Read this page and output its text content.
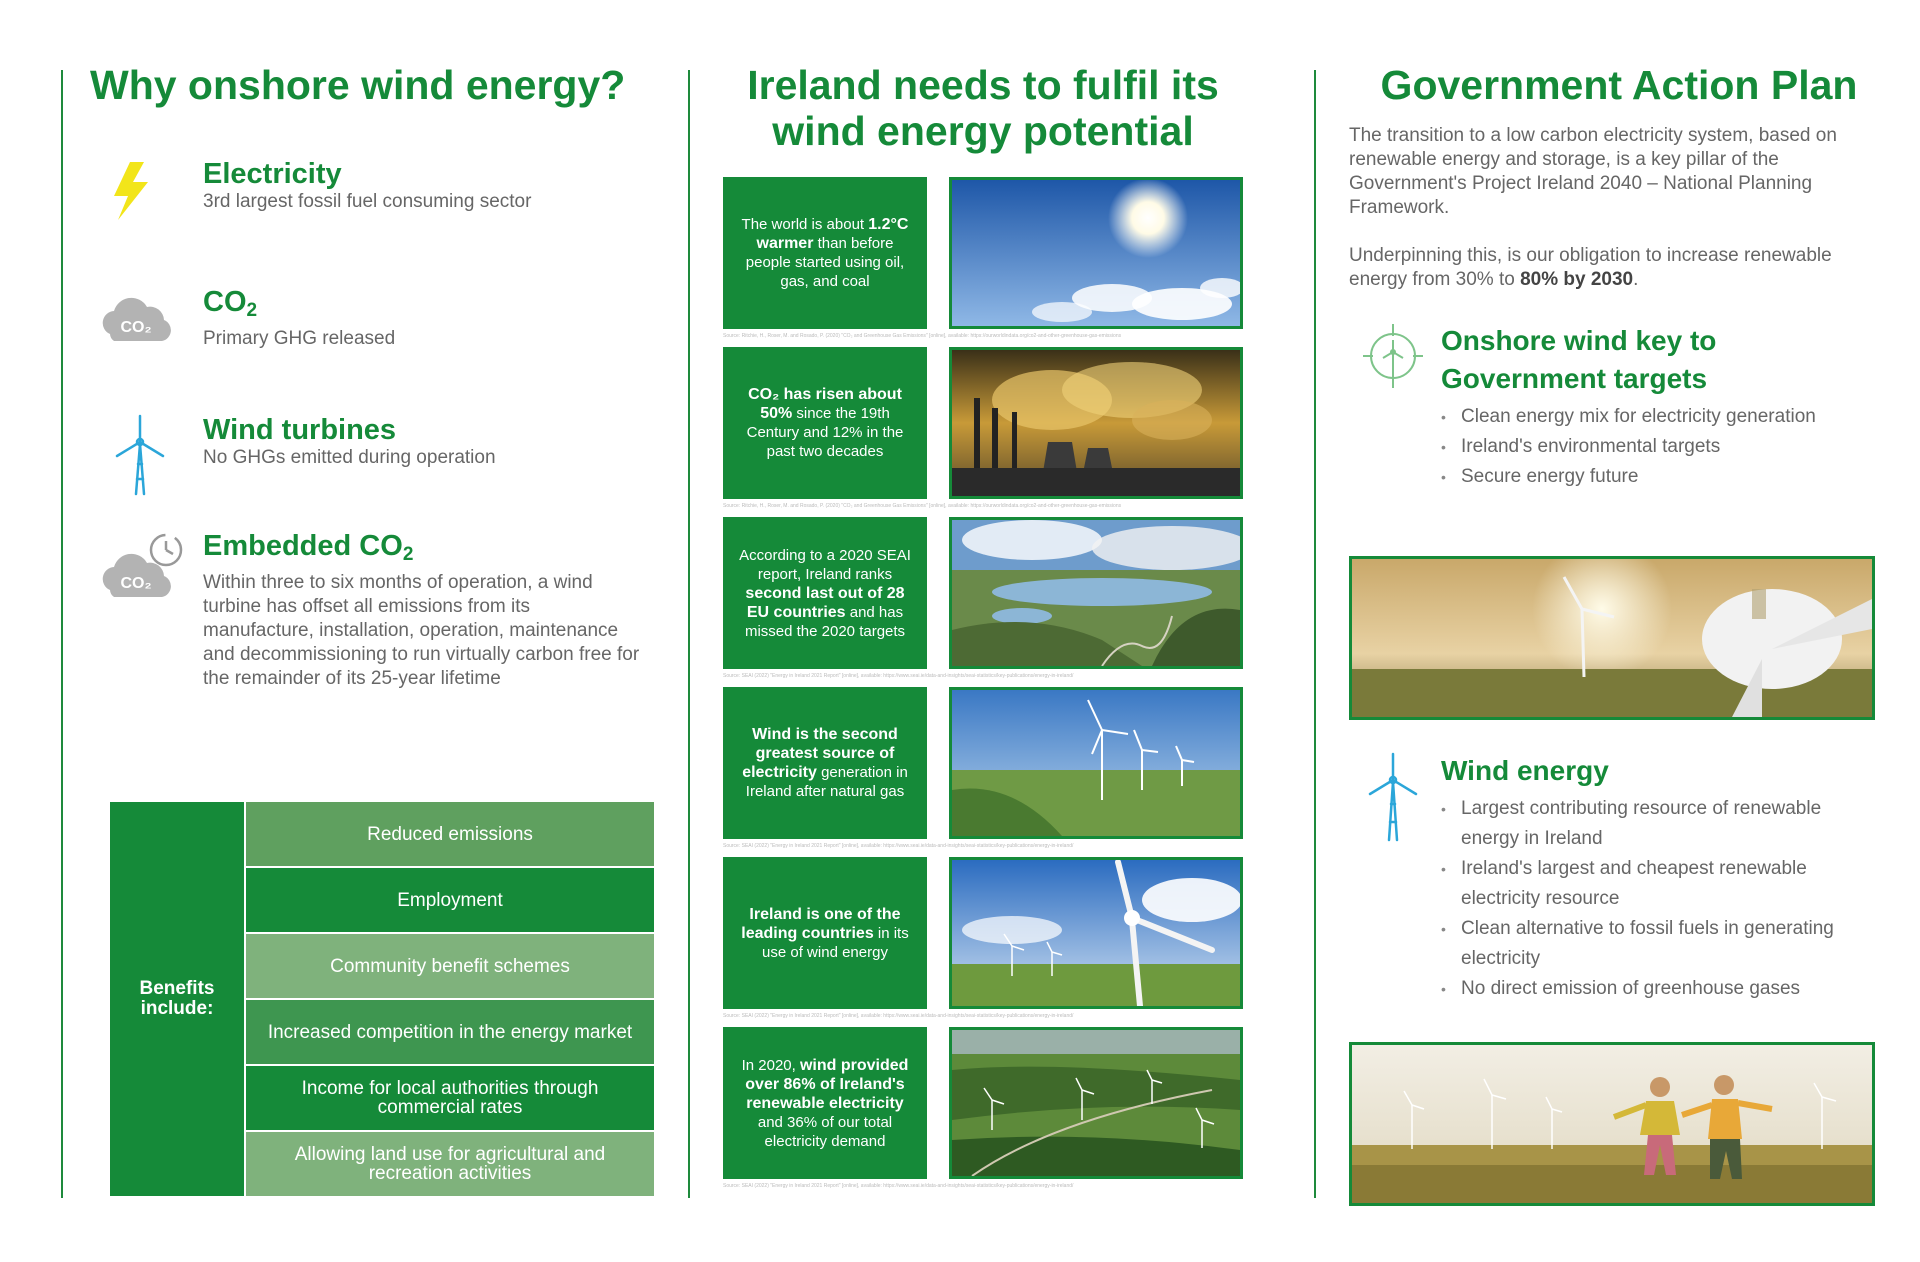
Why onshore wind energy?
Electricity
3rd largest fossil fuel consuming sector
CO₂
$CO_2$
Primary GHG released
Wind turbines
No GHGs emitted during operation
CO₂
Embedded $CO_2$
Within three to six months of operation, a wind turbine has offset all emissions from its manufacture, installation, operation, maintenance and decommissioning to run virtually carbon free for the remainder of its 25-year lifetime
Benefits include:
Reduced emissions
Employment
Community benefit schemes
Increased competition in the energy market
Income for local authorities through commercial rates
Allowing land use for agricultural and recreation activities
Ireland needs to fulfil its
wind energy potential
The world is about 1.2°C warmer than before people started using oil, gas, and coal
Source: Ritchie, H., Roser, M. and Rosado, P. (2020) "CO₂ and Greenhouse Gas Emissions" [online], available: https://ourworldindata.org/co2-and-other-greenhouse-gas-emissions
CO₂ has risen about 50% since the 19th Century and 12% in the past two decades
Source: Ritchie, H., Roser, M. and Rosado, P. (2020) "CO₂ and Greenhouse Gas Emissions" [online], available: https://ourworldindata.org/co2-and-other-greenhouse-gas-emissions
According to a 2020 SEAI report, Ireland ranks second last out of 28 EU countries and has missed the 2020 targets
Source: SEAI (2022) "Energy in Ireland 2021 Report" [online], available: https://www.seai.ie/data-and-insights/seai-statistics/key-publications/energy-in-ireland/
Wind is the second greatest source of electricity generation in Ireland after natural gas
Source: SEAI (2022) "Energy in Ireland 2021 Report" [online], available: https://www.seai.ie/data-and-insights/seai-statistics/key-publications/energy-in-ireland/
Ireland is one of the leading countries in its use of wind energy
Source: SEAI (2022) "Energy in Ireland 2021 Report" [online], available: https://www.seai.ie/data-and-insights/seai-statistics/key-publications/energy-in-ireland/
In 2020, wind provided over 86% of Ireland's renewable electricity and 36% of our total electricity demand
Source: SEAI (2022) "Energy in Ireland 2021 Report" [online], available: https://www.seai.ie/data-and-insights/seai-statistics/key-publications/energy-in-ireland/
Government Action Plan

The transition to a low carbon electricity system, based on renewable energy and storage, is a key pillar of the Government's Project Ireland 2040 – National Planning Framework.

Underpinning this, is our obligation to increase renewable energy from 30% to 80% by 2030.

Onshore wind key to
Government targets
• Clean energy mix for electricity generation
• Ireland's environmental targets
• Secure energy future
Wind energy
• Largest contributing resource of renewable energy in Ireland
• Ireland's largest and cheapest renewable electricity resource
• Clean alternative to fossil fuels in generating electricity
• No direct emission of greenhouse gases
